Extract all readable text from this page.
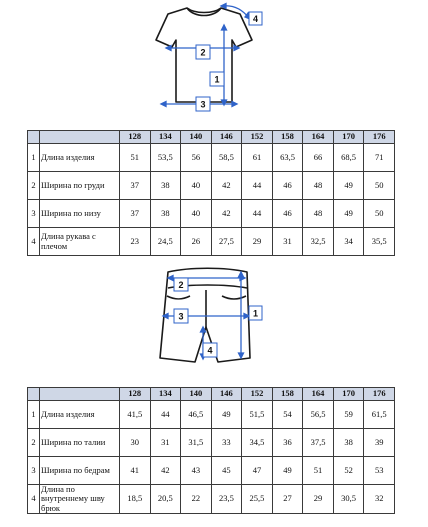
2
1
3
4
2
3	1
4
		128	134	140	146	152	158	164	170	176
1	Длина изделия	51	53,5	56	58,5	61	63,5	66	68,5	71
2	Ширина по груди	37	38	40	42	44	46	48	49	50
3	Ширина по низу	37	38	40	42	44	46	48	49	50
4	Длина рукава с плечом	23	24,5	26	27,5	29	31	32,5	34	35,5
		128	134	140	146	152	158	164	170	176
1	Длина изделия	41,5	44	46,5	49	51,5	54	56,5	59	61,5
2	Ширина по талии	30	31	31,5	33	34,5	36	37,5	38	39
3	Ширина по бедрам	41	42	43	45	47	49	51	52	53
4	Длина по внутреннему шву брюк	18,5	20,5	22	23,5	25,5	27	29	30,5	32
